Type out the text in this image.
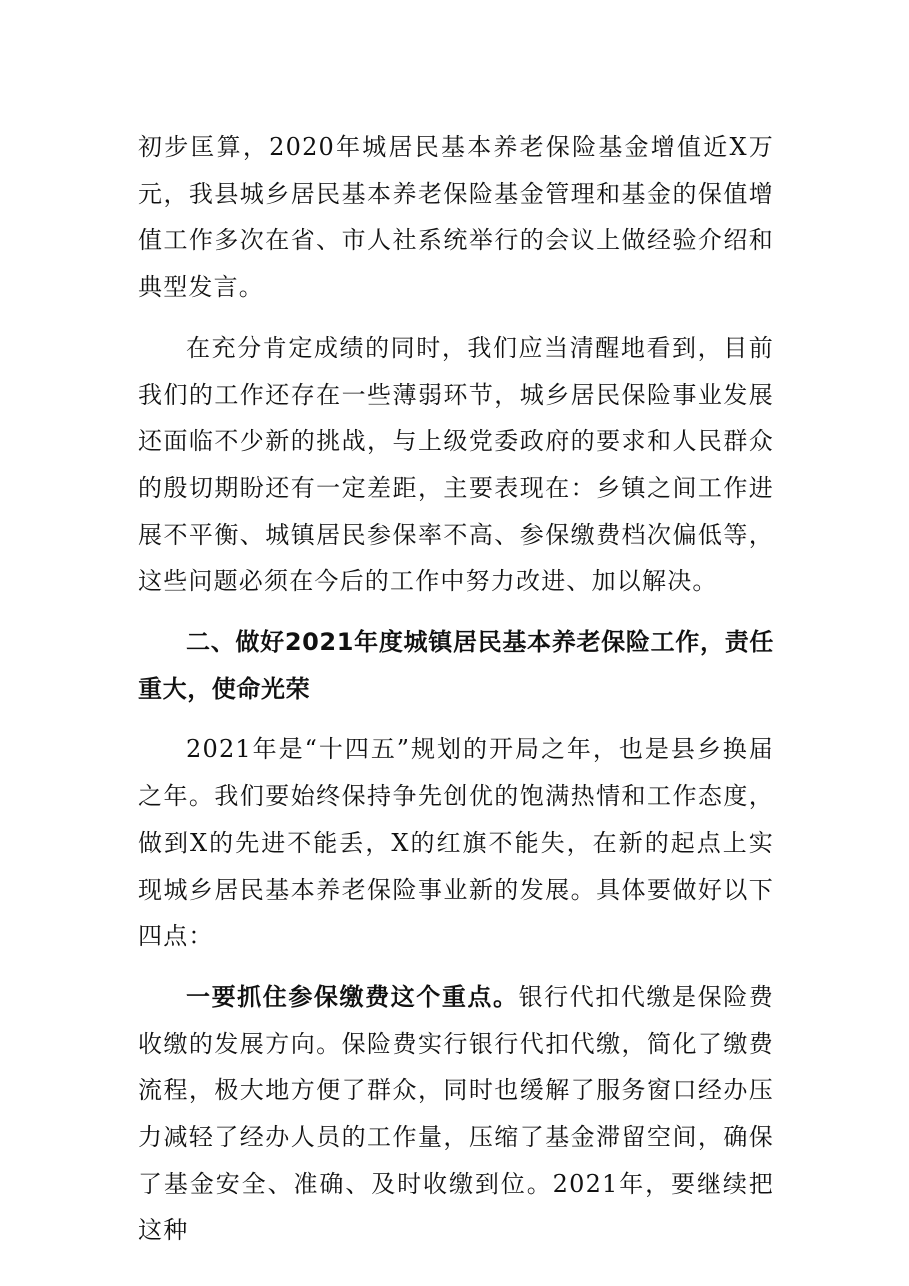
初步匡算，2020年城居民基本养老保险基金增值近X万元，我县城乡居民基本养老保险基金管理和基金的保值增值工作多次在省、市人社系统举行的会议上做经验介绍和典型发言。

在充分肯定成绩的同时，我们应当清醒地看到，目前我们的工作还存在一些薄弱环节，城乡居民保险事业发展还面临不少新的挑战，与上级党委政府的要求和人民群众的殷切期盼还有一定差距，主要表现在：乡镇之间工作进展不平衡、城镇居民参保率不高、参保缴费档次偏低等，这些问题必须在今后的工作中努力改进、加以解决。

二、做好2021年度城镇居民基本养老保险工作，责任重大，使命光荣

2021年是“十四五”规划的开局之年，也是县乡换届之年。我们要始终保持争先创优的饱满热情和工作态度，做到X的先进不能丢，X的红旗不能失，在新的起点上实现城乡居民基本养老保险事业新的发展。具体要做好以下四点：

一要抓住参保缴费这个重点。银行代扣代缴是保险费收缴的发展方向。保险费实行银行代扣代缴，简化了缴费流程，极大地方便了群众，同时也缓解了服务窗口经办压力减轻了经办人员的工作量，压缩了基金滞留空间，确保了基金安全、准确、及时收缴到位。2021年，要继续把这种
